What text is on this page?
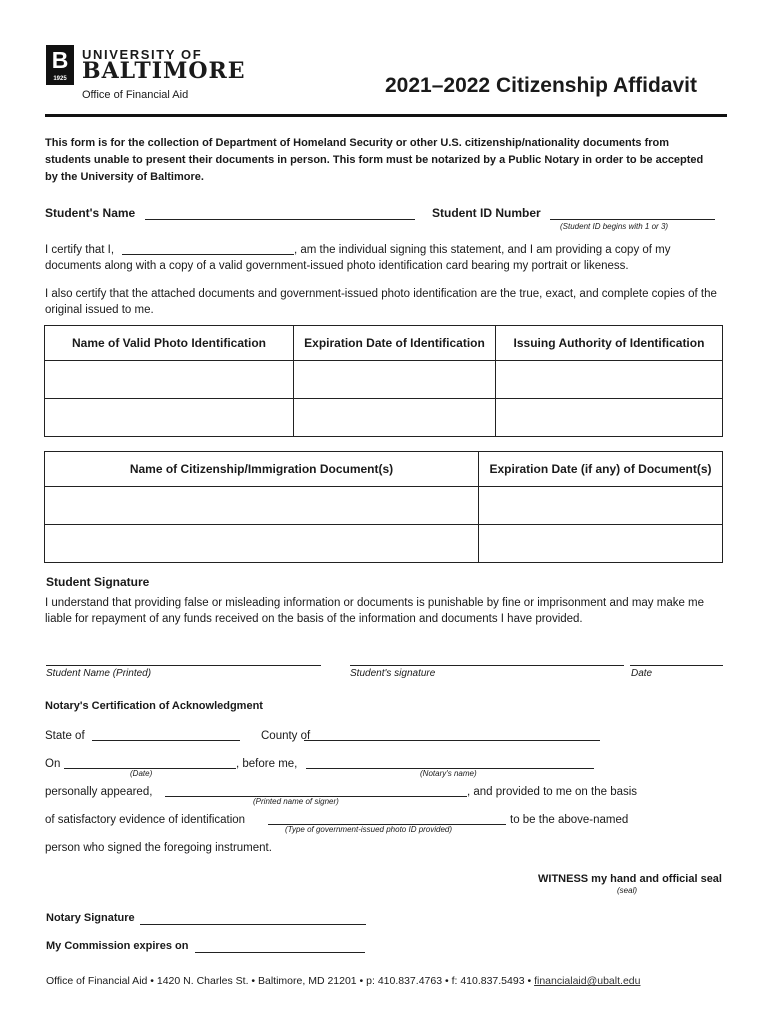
B
1925
UNIVERSITY OF
BALTIMORE
Office of Financial Aid	2021–2022 Citizenship Affidavit
This form is for the collection of Department of Homeland Security or other U.S. citizenship/nationality documents from students unable to present their documents in person. This form must be notarized by a Public Notary in order to be accepted by the University of Baltimore.
Student's Name	Student ID Number
(Student ID begins with 1 or 3)
I certify that I,	, am the individual signing this statement, and I am providing a copy of my
documents along with a copy of a valid government-issued photo identification card bearing my portrait or likeness.
I also certify that the attached documents and government-issued photo identification are the true, exact, and complete copies of the original issued to me.
Name of Valid Photo Identification	Expiration Date of Identification	Issuing Authority of Identification

Name of Citizenship/Immigration Document(s)	Expiration Date (if any) of Document(s)

Student Signature
I understand that providing false or misleading information or documents is punishable by fine or imprisonment and may make me liable for repayment of any funds received on the basis of the information and documents I have provided.
Student Name (Printed)	Student's signature	Date
Notary's Certification of Acknowledgment
State of	County of
On	, before me,
(Date)	(Notary's name)
personally appeared,	, and provided to me on the basis
(Printed name of signer)
of satisfactory evidence of identification	to be the above-named
(Type of government-issued photo ID provided)
person who signed the foregoing instrument.
WITNESS my hand and official seal
(seal)
Notary Signature
My Commission expires on
Office of Financial Aid • 1420 N. Charles St. • Baltimore, MD 21201 • p: 410.837.4763 • f: 410.837.5493 • financialaid@ubalt.edu
